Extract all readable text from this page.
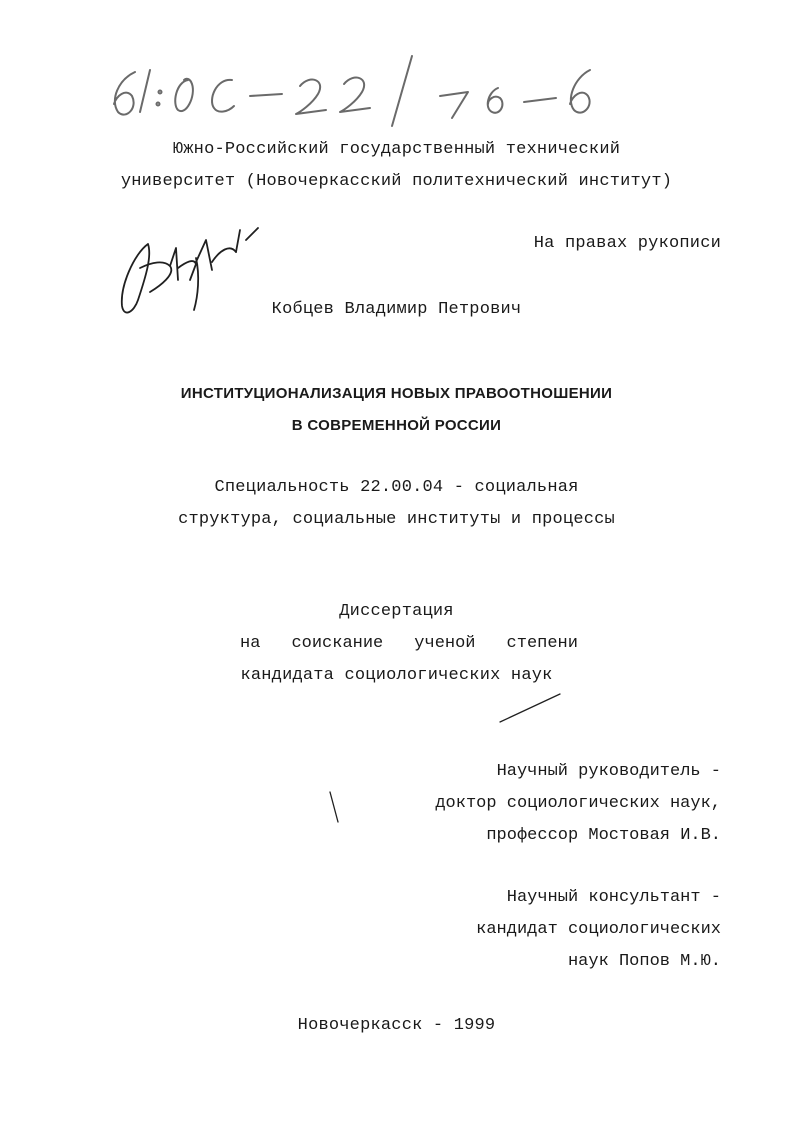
Южно-Российский государственный технический
университет (Новочеркасский политехнический институт)
На правах рукописи
Кобцев Владимир Петрович
ИНСТИТУЦИОНАЛИЗАЦИЯ НОВЫХ ПРАВООТНОШЕНИИ
В СОВРЕМЕННОЙ РОССИИ
Специальность 22.00.04 - социальная
структура, социальные институты и процессы
Диссертация
на соискание ученой степени
кандидата социологических наук
Научный руководитель -
доктор социологических наук,
профессор Мостовая И.В.
Научный консультант -
кандидат социологических
наук Попов М.Ю.
Новочеркасск - 1999
